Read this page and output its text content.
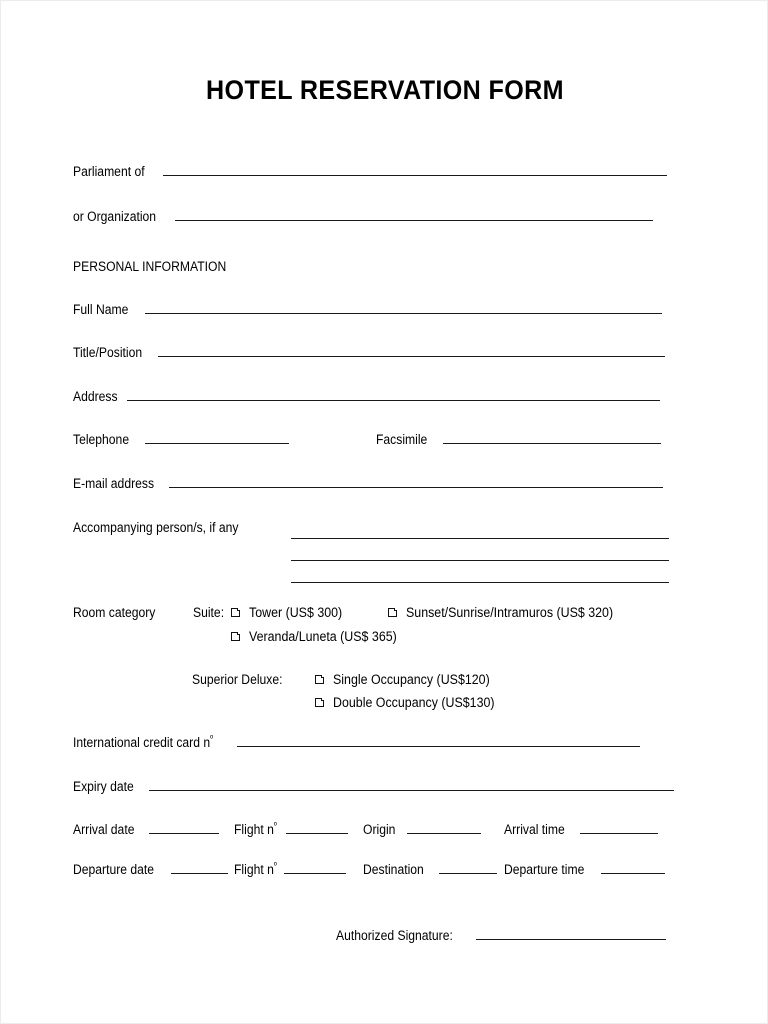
HOTEL RESERVATION FORM
Parliament of
or Organization
PERSONAL INFORMATION
Full Name
Title/Position
Address
Telephone	Facsimile
E-mail address
Accompanying person/s, if any
Room category	Suite: Tower (US$ 300)	Sunset/Sunrise/Intramuros (US$ 320)
Veranda/Luneta (US$ 365)
Superior Deluxe:	Single Occupancy (US$120)
Double Occupancy (US$130)
International credit card $n^º$
Expiry date
Arrival date	Flight $n^º$	Origin	Arrival time
Departure date	Flight $n^º$	Destination	Departure time
Authorized Signature:
